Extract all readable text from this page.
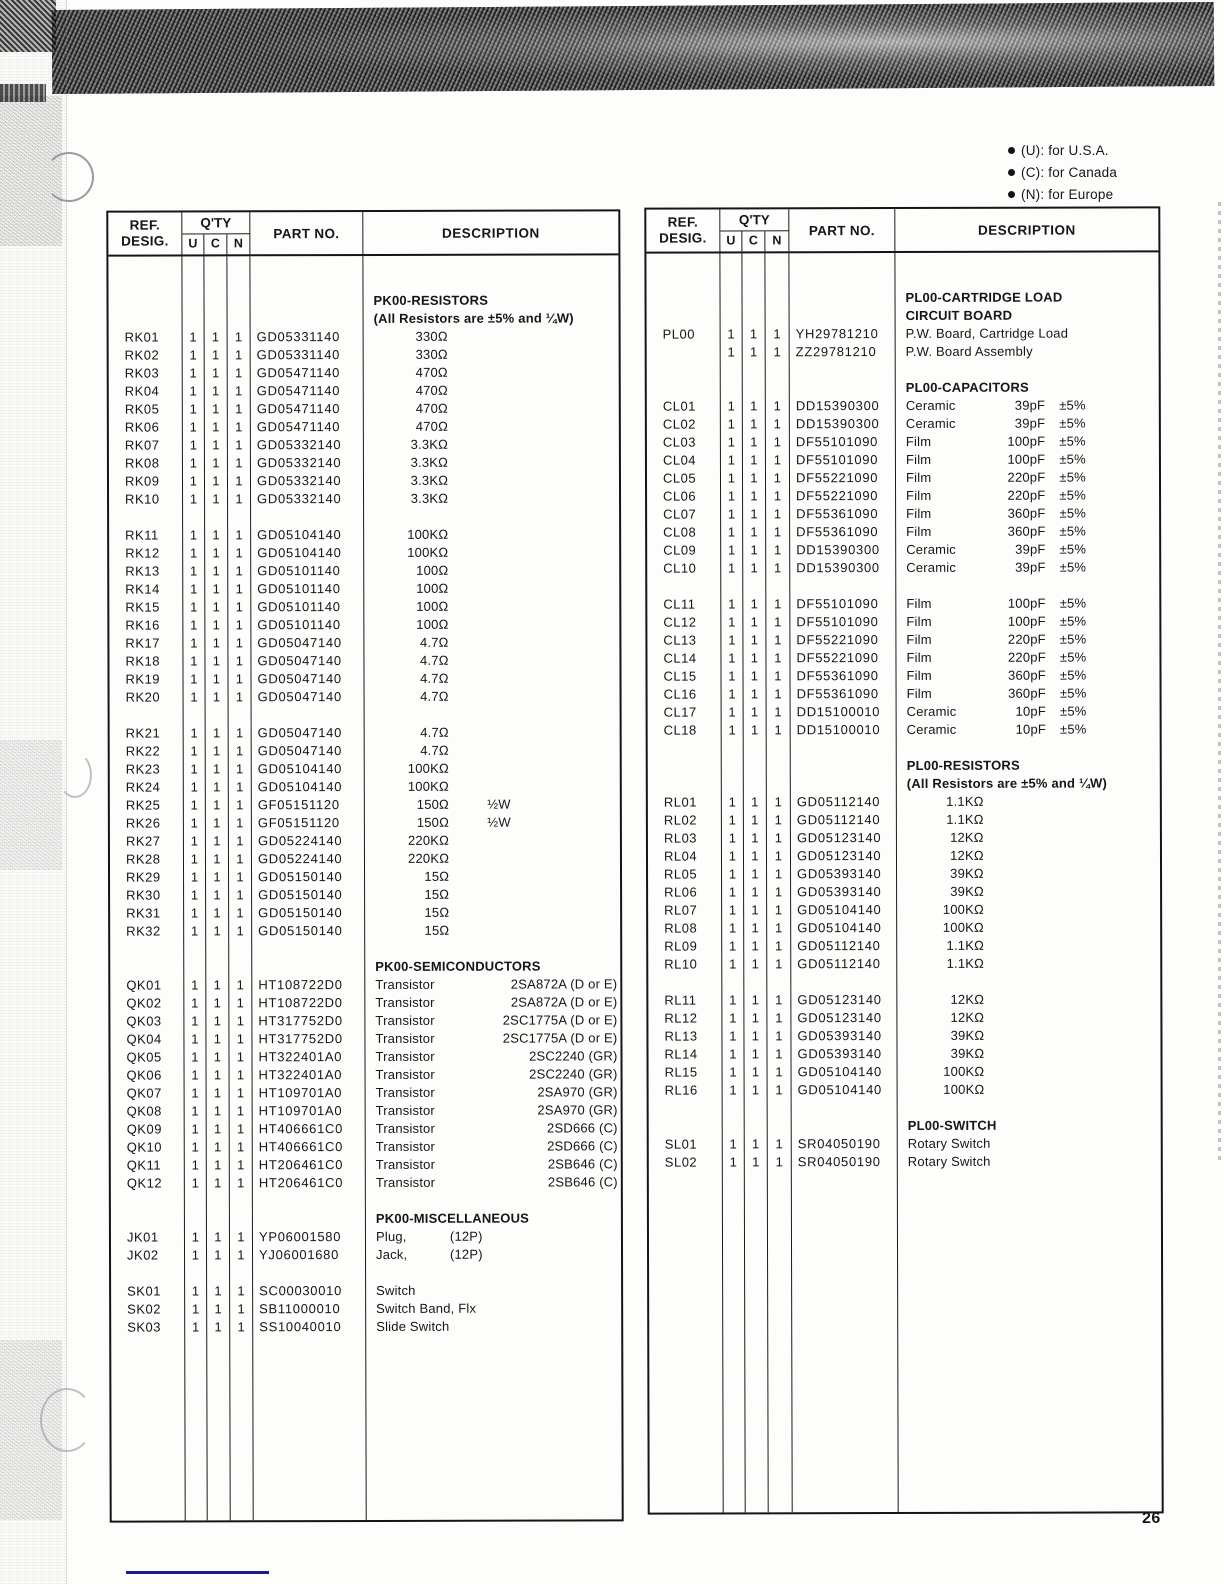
(U): for U.S.A.
(C): for Canada
(N): for Europe
REF.
DESIG.
Q'TY
U	C	N
PART NO.	DESCRIPTION
PK00-RESISTORS
(All Resistors are ±5% and ¼W)
RK01	1	1	1	GD05331140	330Ω
RK02	1	1	1	GD05331140	330Ω
RK03	1	1	1	GD05471140	470Ω
RK04	1	1	1	GD05471140	470Ω
RK05	1	1	1	GD05471140	470Ω
RK06	1	1	1	GD05471140	470Ω
RK07	1	1	1	GD05332140	3.3KΩ
RK08	1	1	1	GD05332140	3.3KΩ
RK09	1	1	1	GD05332140	3.3KΩ
RK10	1	1	1	GD05332140	3.3KΩ
RK11	1	1	1	GD05104140	100KΩ
RK12	1	1	1	GD05104140	100KΩ
RK13	1	1	1	GD05101140	100Ω
RK14	1	1	1	GD05101140	100Ω
RK15	1	1	1	GD05101140	100Ω
RK16	1	1	1	GD05101140	100Ω
RK17	1	1	1	GD05047140	4.7Ω
RK18	1	1	1	GD05047140	4.7Ω
RK19	1	1	1	GD05047140	4.7Ω
RK20	1	1	1	GD05047140	4.7Ω
RK21	1	1	1	GD05047140	4.7Ω
RK22	1	1	1	GD05047140	4.7Ω
RK23	1	1	1	GD05104140	100KΩ
RK24	1	1	1	GD05104140	100KΩ
RK25	1	1	1	GF05151120	150Ω	½W
RK26	1	1	1	GF05151120	150Ω	½W
RK27	1	1	1	GD05224140	220KΩ
RK28	1	1	1	GD05224140	220KΩ
RK29	1	1	1	GD05150140	15Ω
RK30	1	1	1	GD05150140	15Ω
RK31	1	1	1	GD05150140	15Ω
RK32	1	1	1	GD05150140	15Ω
PK00-SEMICONDUCTORS
QK01	1	1	1	HT108722D0	Transistor	2SA872A (D or E)
QK02	1	1	1	HT108722D0	Transistor	2SA872A (D or E)
QK03	1	1	1	HT317752D0	Transistor	2SC1775A (D or E)
QK04	1	1	1	HT317752D0	Transistor	2SC1775A (D or E)
QK05	1	1	1	HT322401A0	Transistor	2SC2240 (GR)
QK06	1	1	1	HT322401A0	Transistor	2SC2240 (GR)
QK07	1	1	1	HT109701A0	Transistor	2SA970 (GR)
QK08	1	1	1	HT109701A0	Transistor	2SA970 (GR)
QK09	1	1	1	HT406661C0	Transistor	2SD666 (C)
QK10	1	1	1	HT406661C0	Transistor	2SD666 (C)
QK11	1	1	1	HT206461C0	Transistor	2SB646 (C)
QK12	1	1	1	HT206461C0	Transistor	2SB646 (C)
PK00-MISCELLANEOUS
JK01	1	1	1	YP06001580	Plug,	(12P)
JK02	1	1	1	YJ06001680	Jack,	(12P)
SK01	1	1	1	SC00030010	Switch
SK02	1	1	1	SB11000010	Switch Band, Flx
SK03	1	1	1	SS10040010	Slide Switch
REF.
DESIG.
Q'TY
U	C	N
PART NO.	DESCRIPTION
PL00-CARTRIDGE LOAD
CIRCUIT BOARD
PL00	1	1	1	YH29781210	P.W. Board, Cartridge Load
1	1	1	ZZ29781210	P.W. Board Assembly
PL00-CAPACITORS
CL01	1	1	1	DD15390300	Ceramic	39pF	±5%
CL02	1	1	1	DD15390300	Ceramic	39pF	±5%
CL03	1	1	1	DF55101090	Film	100pF	±5%
CL04	1	1	1	DF55101090	Film	100pF	±5%
CL05	1	1	1	DF55221090	Film	220pF	±5%
CL06	1	1	1	DF55221090	Film	220pF	±5%
CL07	1	1	1	DF55361090	Film	360pF	±5%
CL08	1	1	1	DF55361090	Film	360pF	±5%
CL09	1	1	1	DD15390300	Ceramic	39pF	±5%
CL10	1	1	1	DD15390300	Ceramic	39pF	±5%
CL11	1	1	1	DF55101090	Film	100pF	±5%
CL12	1	1	1	DF55101090	Film	100pF	±5%
CL13	1	1	1	DF55221090	Film	220pF	±5%
CL14	1	1	1	DF55221090	Film	220pF	±5%
CL15	1	1	1	DF55361090	Film	360pF	±5%
CL16	1	1	1	DF55361090	Film	360pF	±5%
CL17	1	1	1	DD15100010	Ceramic	10pF	±5%
CL18	1	1	1	DD15100010	Ceramic	10pF	±5%
PL00-RESISTORS
(All Resistors are ±5% and ¼W)
RL01	1	1	1	GD05112140	1.1KΩ
RL02	1	1	1	GD05112140	1.1KΩ
RL03	1	1	1	GD05123140	12KΩ
RL04	1	1	1	GD05123140	12KΩ
RL05	1	1	1	GD05393140	39KΩ
RL06	1	1	1	GD05393140	39KΩ
RL07	1	1	1	GD05104140	100KΩ
RL08	1	1	1	GD05104140	100KΩ
RL09	1	1	1	GD05112140	1.1KΩ
RL10	1	1	1	GD05112140	1.1KΩ
RL11	1	1	1	GD05123140	12KΩ
RL12	1	1	1	GD05123140	12KΩ
RL13	1	1	1	GD05393140	39KΩ
RL14	1	1	1	GD05393140	39KΩ
RL15	1	1	1	GD05104140	100KΩ
RL16	1	1	1	GD05104140	100KΩ
PL00-SWITCH
SL01	1	1	1	SR04050190	Rotary Switch
SL02	1	1	1	SR04050190	Rotary Switch
26
